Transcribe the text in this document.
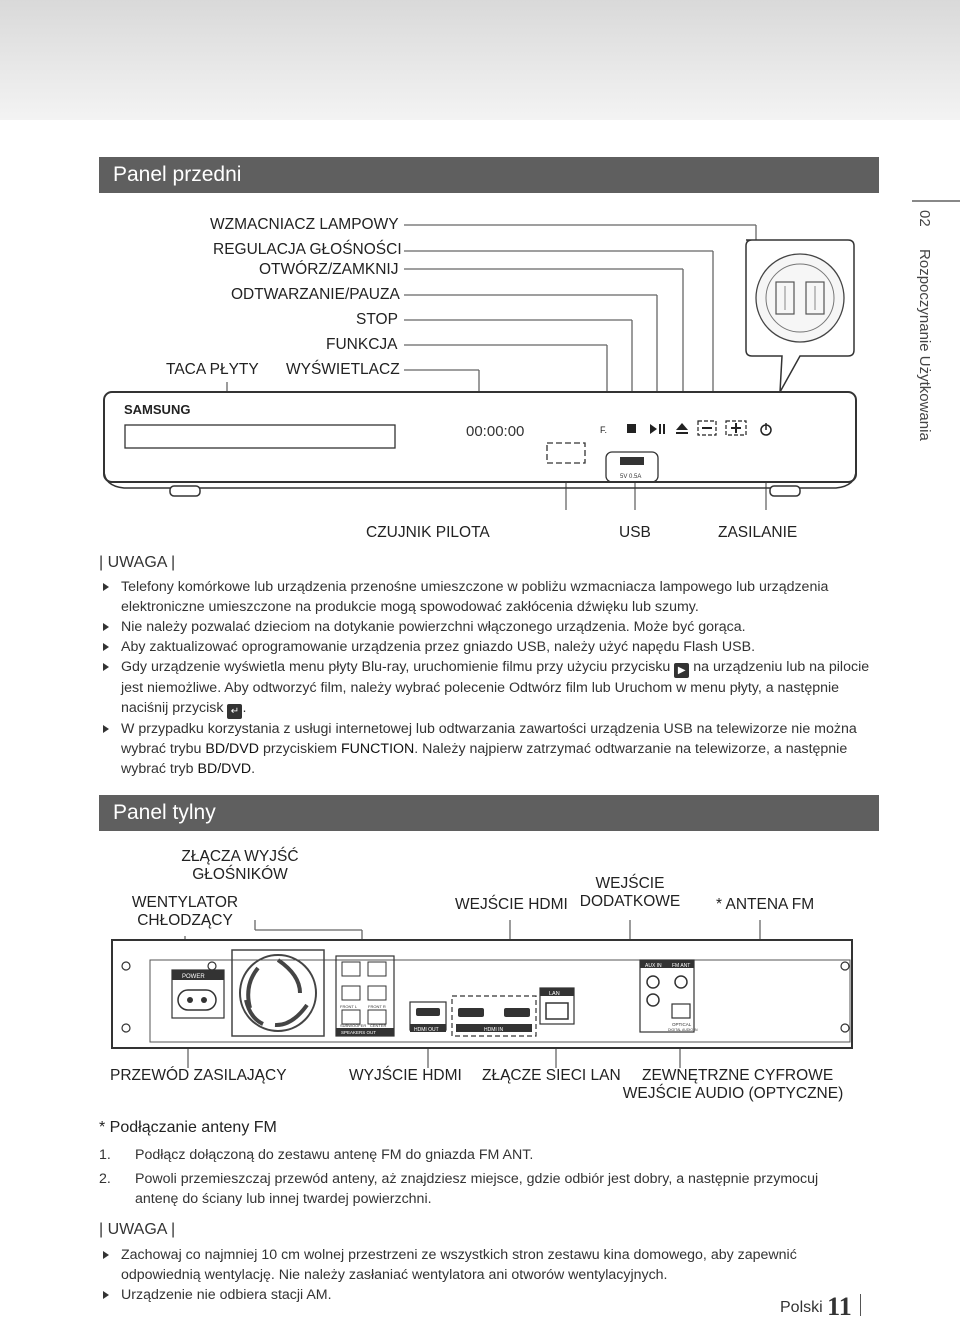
02  Rozpoczynanie Użytkowania
Panel przedni
WZMACNIACZ LAMPOWY
REGULACJA GŁOŚNOŚCI
OTWÓRZ/ZAMKNIJ
ODTWARZANIE/PAUZA
STOP
FUNKCJA
TACA PŁYTY WYŚWIETLACZ
F.
SAMSUNG
00:00:00
5V 0.5A
CZUJNIK PILOTA	USB	ZASILANIE
| UWAGA |
Telefony komórkowe lub urządzenia przenośne umieszczone w pobliżu wzmacniacza lampowego lub urządzenia elektroniczne umieszczone na produkcie mogą spowodować zakłócenia dźwięku lub szumy.
Nie należy pozwalać dzieciom na dotykanie powierzchni włączonego urządzenia. Może być gorąca.
Aby zaktualizować oprogramowanie urządzenia przez gniazdo USB, należy użyć napędu Flash USB.
Gdy urządzenie wyświetla menu płyty Blu-ray, uruchomienie filmu przy użyciu przycisku ▶ na urządzeniu lub na pilocie jest niemożliwe. Aby odtworzyć film, należy wybrać polecenie Odtwórz film lub Uruchom w menu płyty, a następnie naciśnij przycisk ↵ .
W przypadku korzystania z usługi internetowej lub odtwarzania zawartości urządzenia USB na telewizorze nie można wybrać trybu BD/DVD przyciskiem FUNCTION. Należy najpierw zatrzymać odtwarzanie na telewizorze, a następnie wybrać tryb BD/DVD.
Panel tylny
ZŁĄCZA WYJŚĆ
GŁOŚNIKÓW
WENTYLATOR
CHŁODZĄCY
WEJŚCIE HDMI
WEJŚCIE
DODATKOWE * ANTENA FM
POWER
SPEAKERS OUT
FRONT L	FRONT R
SUBWOOFER CENTER
HDMI OUT	HDMI IN
LAN
AUX IN FM ANT
OPTICAL
DIGITAL AUDIO IN
PRZEWÓD ZASILAJĄCY	WYJŚCIE HDMI ZŁĄCZE SIECI LAN	ZEWNĘTRZNE CYFROWE
WEJŚCIE AUDIO (OPTYCZNE)
* Podłączanie anteny FM
1. Podłącz dołączoną do zestawu antenę FM do gniazda FM ANT.
2. Powoli przemieszczaj przewód anteny, aż znajdziesz miejsce, gdzie odbiór jest dobry, a następnie przymocuj antenę do ściany lub innej twardej powierzchni.
| UWAGA |
Zachowaj co najmniej 10 cm wolnej przestrzeni ze wszystkich stron zestawu kina domowego, aby zapewnić odpowiednią wentylację. Nie należy zasłaniać wentylatora ani otworów wentylacyjnych.
Urządzenie nie odbiera stacji AM.
Polski 11
